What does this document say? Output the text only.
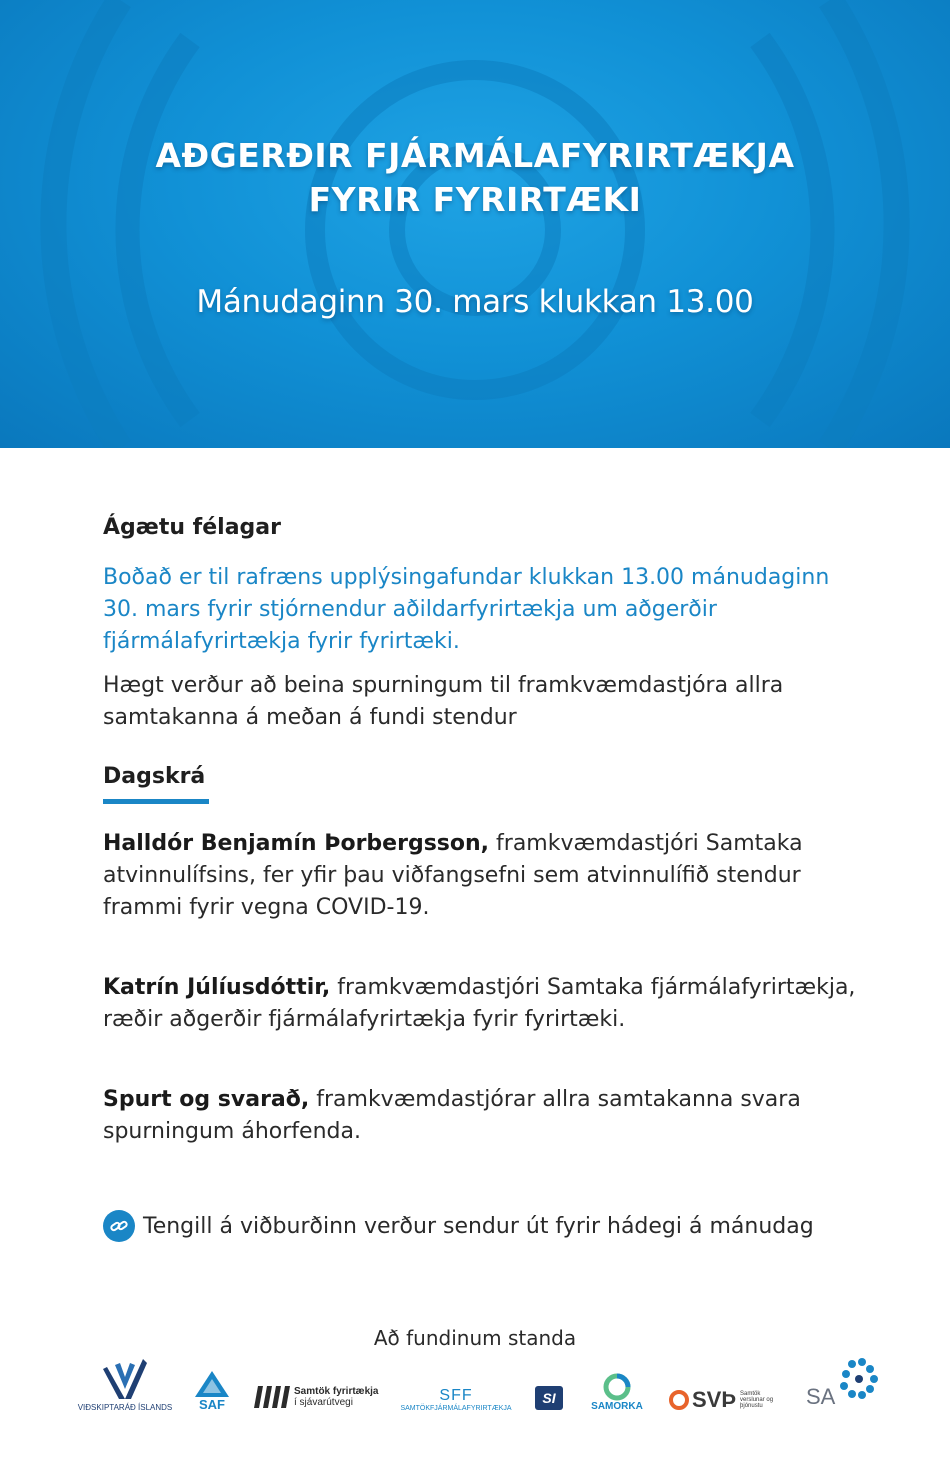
AÐGERÐIR FJÁRMÁLAFYRIRTÆKJA
FYRIR FYRIRTÆKI
Mánudaginn 30. mars klukkan 13.00

Ágætu félagar

Boðað er til rafræns upplýsingafundar klukkan 13.00 mánudaginn 30. mars fyrir stjórnendur aðildarfyrirtækja um aðgerðir fjármálafyrirtækja fyrir fyrirtæki.

Hægt verður að beina spurningum til framkvæmdastjóra allra samtakanna á meðan á fundi stendur

Dagskrá

Halldór Benjamín Þorbergsson, framkvæmdastjóri Samtaka atvinnulífsins, fer yfir þau viðfangsefni sem atvinnulífið stendur frammi fyrir vegna COVID-19.

Katrín Júlíusdóttir, framkvæmdastjóri Samtaka fjármálafyrirtækja, ræðir aðgerðir fjármálafyrirtækja fyrir fyrirtæki.

Spurt og svarað, framkvæmdastjórar allra samtakanna svara spurningum áhorfenda.

Tengill á viðburðinn verður sendur út fyrir hádegi á mánudag
Að fundinum standa
VIÐSKIPTARÁÐ ÍSLANDS SAF
Samtök fyrirtækja
í sjávarútvegi	SFF
SAMTÖKFJÁRMÁLAFYRIRTÆKJA
SI
SAMORKA SVÞ Samtök
verslunar og
þjónustu	SA
